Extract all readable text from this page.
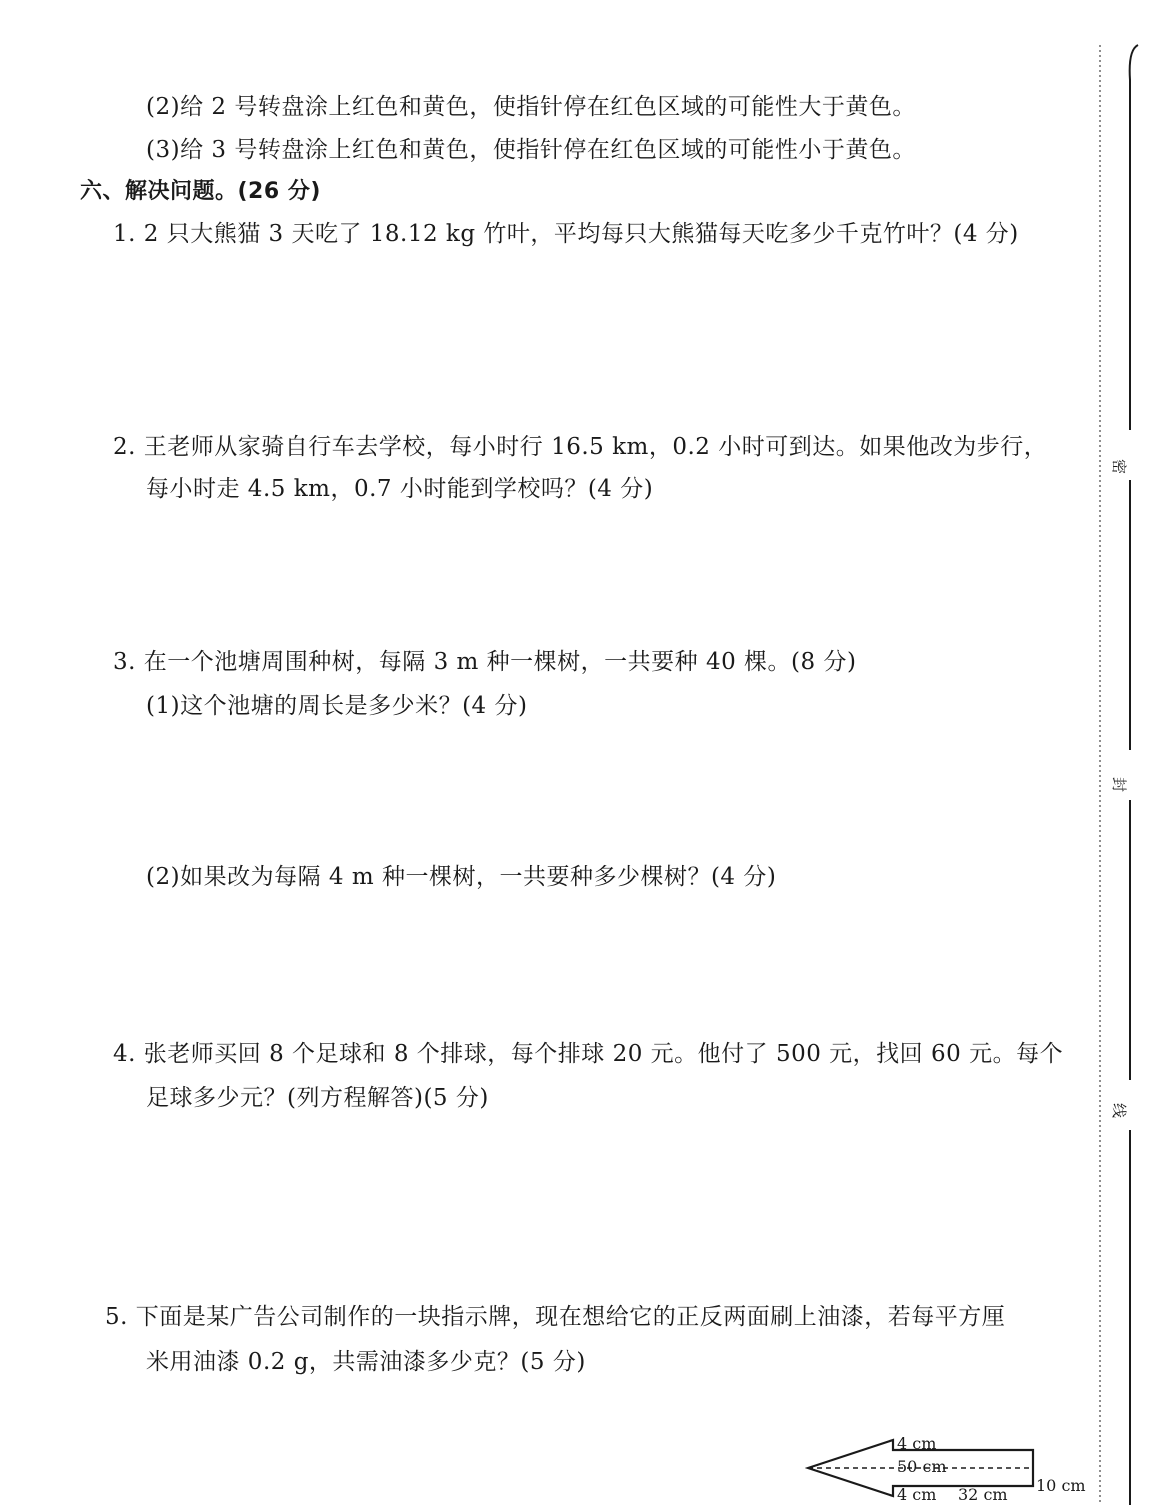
(2)给 2 号转盘涂上红色和黄色，使指针停在红色区域的可能性大于黄色。
(3)给 3 号转盘涂上红色和黄色，使指针停在红色区域的可能性小于黄色。
六、解决问题。(26 分)
1. 2 只大熊猫 3 天吃了 18.12 kg 竹叶，平均每只大熊猫每天吃多少千克竹叶？(4 分)
2. 王老师从家骑自行车去学校，每小时行 16.5 km，0.2 小时可到达。如果他改为步行，
每小时走 4.5 km，0.7 小时能到学校吗？(4 分)
3. 在一个池塘周围种树，每隔 3 m 种一棵树，一共要种 40 棵。(8 分)
(1)这个池塘的周长是多少米？(4 分)
(2)如果改为每隔 4 m 种一棵树，一共要种多少棵树？(4 分)
4. 张老师买回 8 个足球和 8 个排球，每个排球 20 元。他付了 500 元，找回 60 元。每个
足球多少元？(列方程解答)(5 分)
5. 下面是某广告公司制作的一块指示牌，现在想给它的正反两面刷上油漆，若每平方厘
米用油漆 0.2 g，共需油漆多少克？(5 分)
4 cm
50 cm
10 cm
4 cm 32 cm
密
封
线
